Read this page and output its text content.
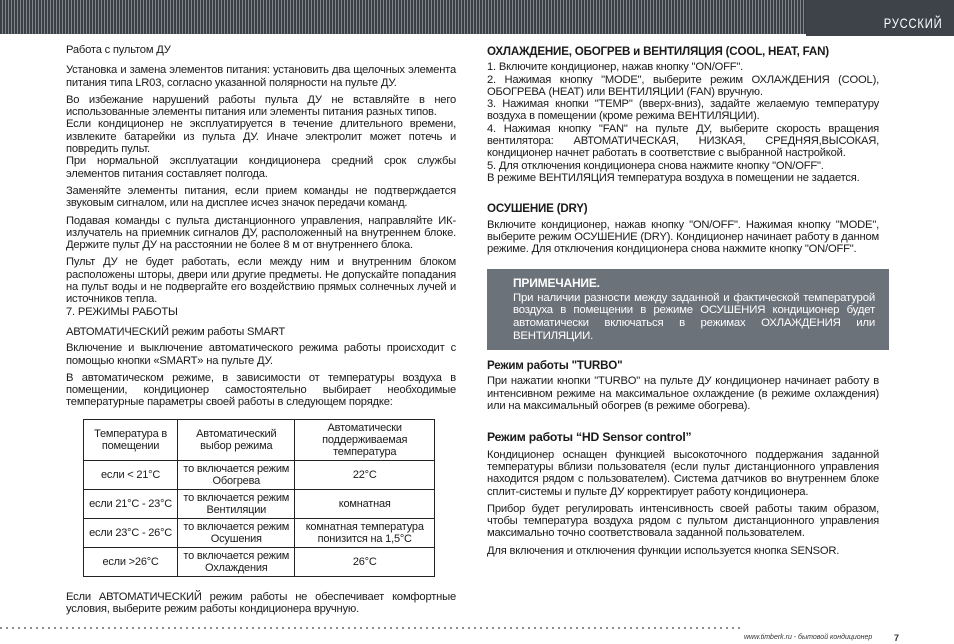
РУССКИЙ

Работа с пультом ДУ

Установка и замена элементов питания: установить два щелочных элемента питания типа LR03, согласно указанной полярности на пульте ДУ.

Во избежание нарушений работы пульта ДУ не вставляйте в него использованные элементы питания или элементы питания разных типов.

Если кондиционер не эксплуатируется в течение длительного времени, извлеките батарейки из пульта ДУ. Иначе электролит может потечь и повредить пульт.

При нормальной эксплуатации кондиционера средний срок службы элементов питания составляет полгода.

Заменяйте элементы питания, если прием команды не подтверждается звуковым сигналом, или на дисплее исчез значок передачи команд.

Подавая команды с пульта дистанционного управления, направляйте ИК-излучатель на приемник сигналов ДУ, расположенный на внутреннем блоке. Держите пульт ДУ на расстоянии не более 8 м от внутреннего блока.

Пульт ДУ не будет работать, если между ним и внутренним блоком расположены шторы, двери или другие предметы. Не допускайте попадания на пульт воды и не подвергайте его воздействию прямых солнечных лучей и источников тепла.

7. РЕЖИМЫ РАБОТЫ

АВТОМАТИЧЕСКИЙ режим работы SMART

Включение и выключение автоматического режима работы происходит с помощью кнопки «SMART» на пульте ДУ.

В автоматическом режиме, в зависимости от температуры воздуха в помещении, кондиционер самостоятельно выбирает необходимые температурные параметры своей работы в следующем порядке:

Температура в помещении	Автоматический выбор режима	Автоматически поддерживаемая температура
если < 21°С	то включается режим Обогрева	22°С
если 21°С - 23°С	то включается режим Вентиляции	комнатная
если 23°С - 26°С	то включается режим Осушения	комнатная температура понизится на 1,5°С
если >26°С	то включается режим Охлаждения	26°С

Если АВТОМАТИЧЕСКИЙ режим работы не обеспечивает комфортные условия, выберите режим работы кондиционера вручную.

ОХЛАЖДЕНИЕ, ОБОГРЕВ и ВЕНТИЛЯЦИЯ (COOL, HEAT, FAN)

1. Включите кондиционер, нажав кнопку "ON/OFF".

2. Нажимая кнопку "MODE", выберите режим ОХЛАЖДЕНИЯ (COOL), ОБОГРЕВА (HEAT) или ВЕНТИЛЯЦИИ (FAN) вручную.

3. Нажимая кнопки "TEMP" (вверх-вниз), задайте желаемую температуру воздуха в помещении (кроме режима ВЕНТИЛЯЦИИ).

4. Нажимая кнопку "FAN" на пульте ДУ, выберите скорость вращения вентилятора: АВТОМАТИЧЕСКАЯ, НИЗКАЯ, СРЕДНЯЯ,ВЫСОКАЯ, кондиционер начнет работать в соответствие с выбранной настройкой.

5. Для отключения кондиционера снова нажмите кнопку "ON/OFF".

В режиме ВЕНТИЛЯЦИЯ температура воздуха в помещении не задается.

ОСУШЕНИЕ (DRY)

Включите кондиционер, нажав кнопку "ON/OFF". Нажимая кнопку "MODE", выберите режим ОСУШЕНИЕ (DRY). Кондиционер начинает работу в данном режиме. Для отключения кондиционера снова нажмите кнопку "ON/OFF".

ПРИМЕЧАНИЕ.
При наличии разности между заданной и фактической температурой воздуха в помещении в режиме ОСУШЕНИЯ кондиционер будет автоматически включаться в режимах ОХЛАЖДЕНИЯ или ВЕНТИЛЯЦИИ.

Режим работы "TURBO"

При нажатии кнопки "TURBO" на пульте ДУ кондиционер начинает работу в интенсивном режиме на максимальное охлаждение (в режиме охлаждения) или на максимальный обогрев (в режиме обогрева).

Режим работы “HD Sensor control”

Кондиционер оснащен функцией высокоточного поддержания заданной температуры вблизи пользователя (если пульт дистанционного управления находится рядом с пользователем). Система датчиков во внутреннем блоке сплит-системы и пульте ДУ корректирует работу кондиционера.

Прибор будет регулировать интенсивность своей работы таким образом, чтобы температура воздуха рядом с пультом дистанционного управления максимально точно соответствовала заданной пользователем.

Для включения и отключения функции используется кнопка SENSOR.

www.timberk.ru - бытовой кондиционер 7
